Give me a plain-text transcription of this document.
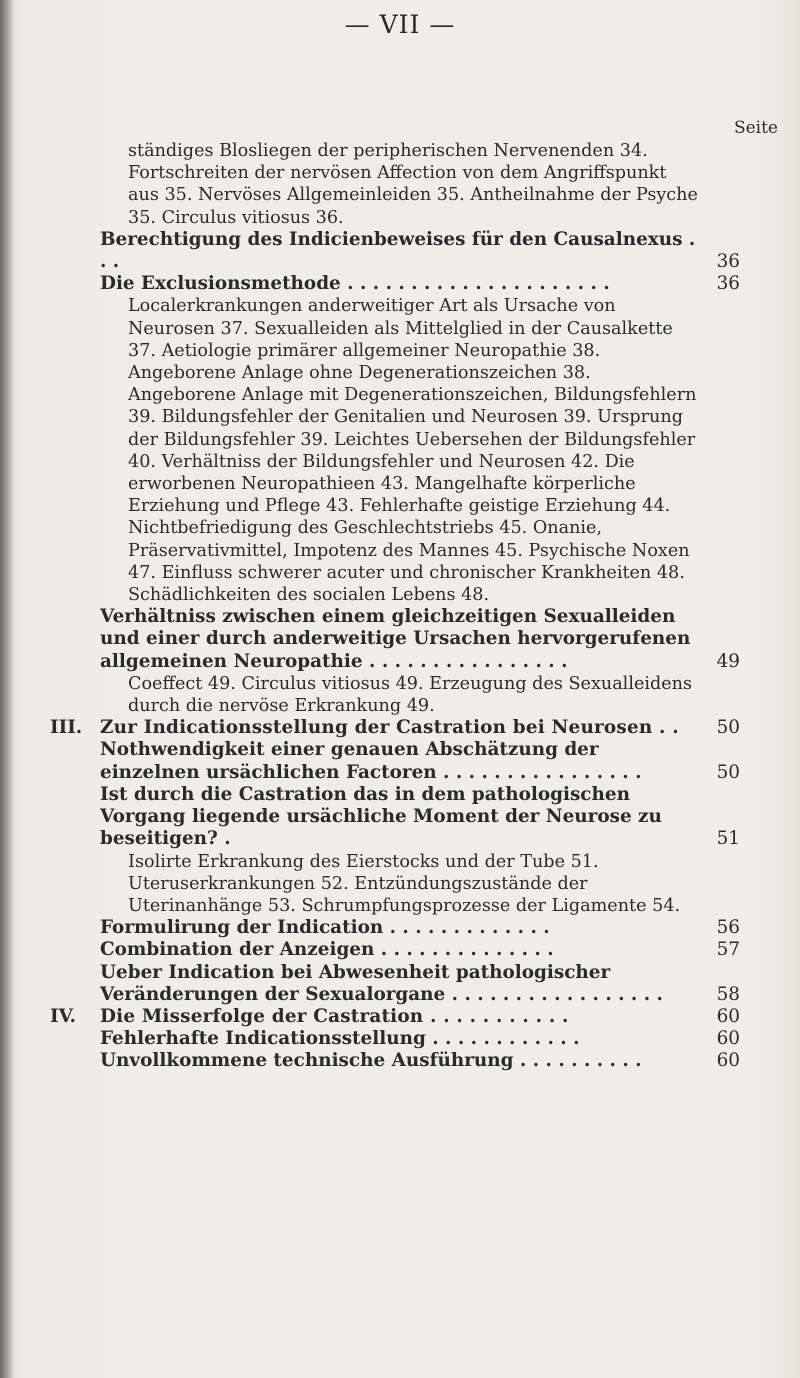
— VII —
Seite
ständiges Blosliegen der peripherischen Nervenenden 34. Fortschreiten der nervösen Affection von dem Angriffspunkt aus 35. Nervöses Allgemeinleiden 35. Antheilnahme der Psyche 35. Circulus vitiosus 36.
Berechtigung des Indicienbeweises für den Causalnexus . . .	36
Die Exclusionsmethode . . . . . . . . . . . . . . . . . . . . .	36
Localerkrankungen anderweitiger Art als Ursache von Neurosen 37. Sexualleiden als Mittelglied in der Causalkette 37. Aetiologie primärer allgemeiner Neuropathie 38. Angeborene Anlage ohne Degenerationszeichen 38. Angeborene Anlage mit Degenerationszeichen, Bildungsfehlern 39. Bildungsfehler der Genitalien und Neurosen 39. Ursprung der Bildungsfehler 39. Leichtes Uebersehen der Bildungsfehler 40. Verhältniss der Bildungsfehler und Neurosen 42. Die erworbenen Neuropathieen 43. Mangelhafte körperliche Erziehung und Pflege 43. Fehlerhafte geistige Erziehung 44. Nichtbefriedigung des Geschlechtstriebs 45. Onanie, Präservativmittel, Impotenz des Mannes 45. Psychische Noxen 47. Einfluss schwerer acuter und chronischer Krankheiten 48. Schädlichkeiten des socialen Lebens 48.
Verhältniss zwischen einem gleichzeitigen Sexualleiden und einer durch anderweitige Ursachen hervorgerufenen allgemeinen Neuropathie . . . . . . . . . . . . . . . .	49
Coeffect 49. Circulus vitiosus 49. Erzeugung des Sexualleidens durch die nervöse Erkrankung 49.
III. Zur Indicationsstellung der Castration bei Neurosen . .	50
Nothwendigkeit einer genauen Abschätzung der einzelnen ursächlichen Factoren . . . . . . . . . . . . . . . .	50
Ist durch die Castration das in dem pathologischen Vorgang liegende ursächliche Moment der Neurose zu beseitigen? .	51
Isolirte Erkrankung des Eierstocks und der Tube 51. Uteruserkrankungen 52. Entzündungszustände der Uterinanhänge 53. Schrumpfungsprozesse der Ligamente 54.
Formulirung der Indication . . . . . . . . . . . . .	56
Combination der Anzeigen . . . . . . . . . . . . . .	57
Ueber Indication bei Abwesenheit pathologischer Veränderungen der Sexualorgane . . . . . . . . . . . . . . . . .	58
IV. Die Misserfolge der Castration . . . . . . . . . . .	60
Fehlerhafte Indicationsstellung . . . . . . . . . . . .	60
Unvollkommene technische Ausführung . . . . . . . . . .	60
